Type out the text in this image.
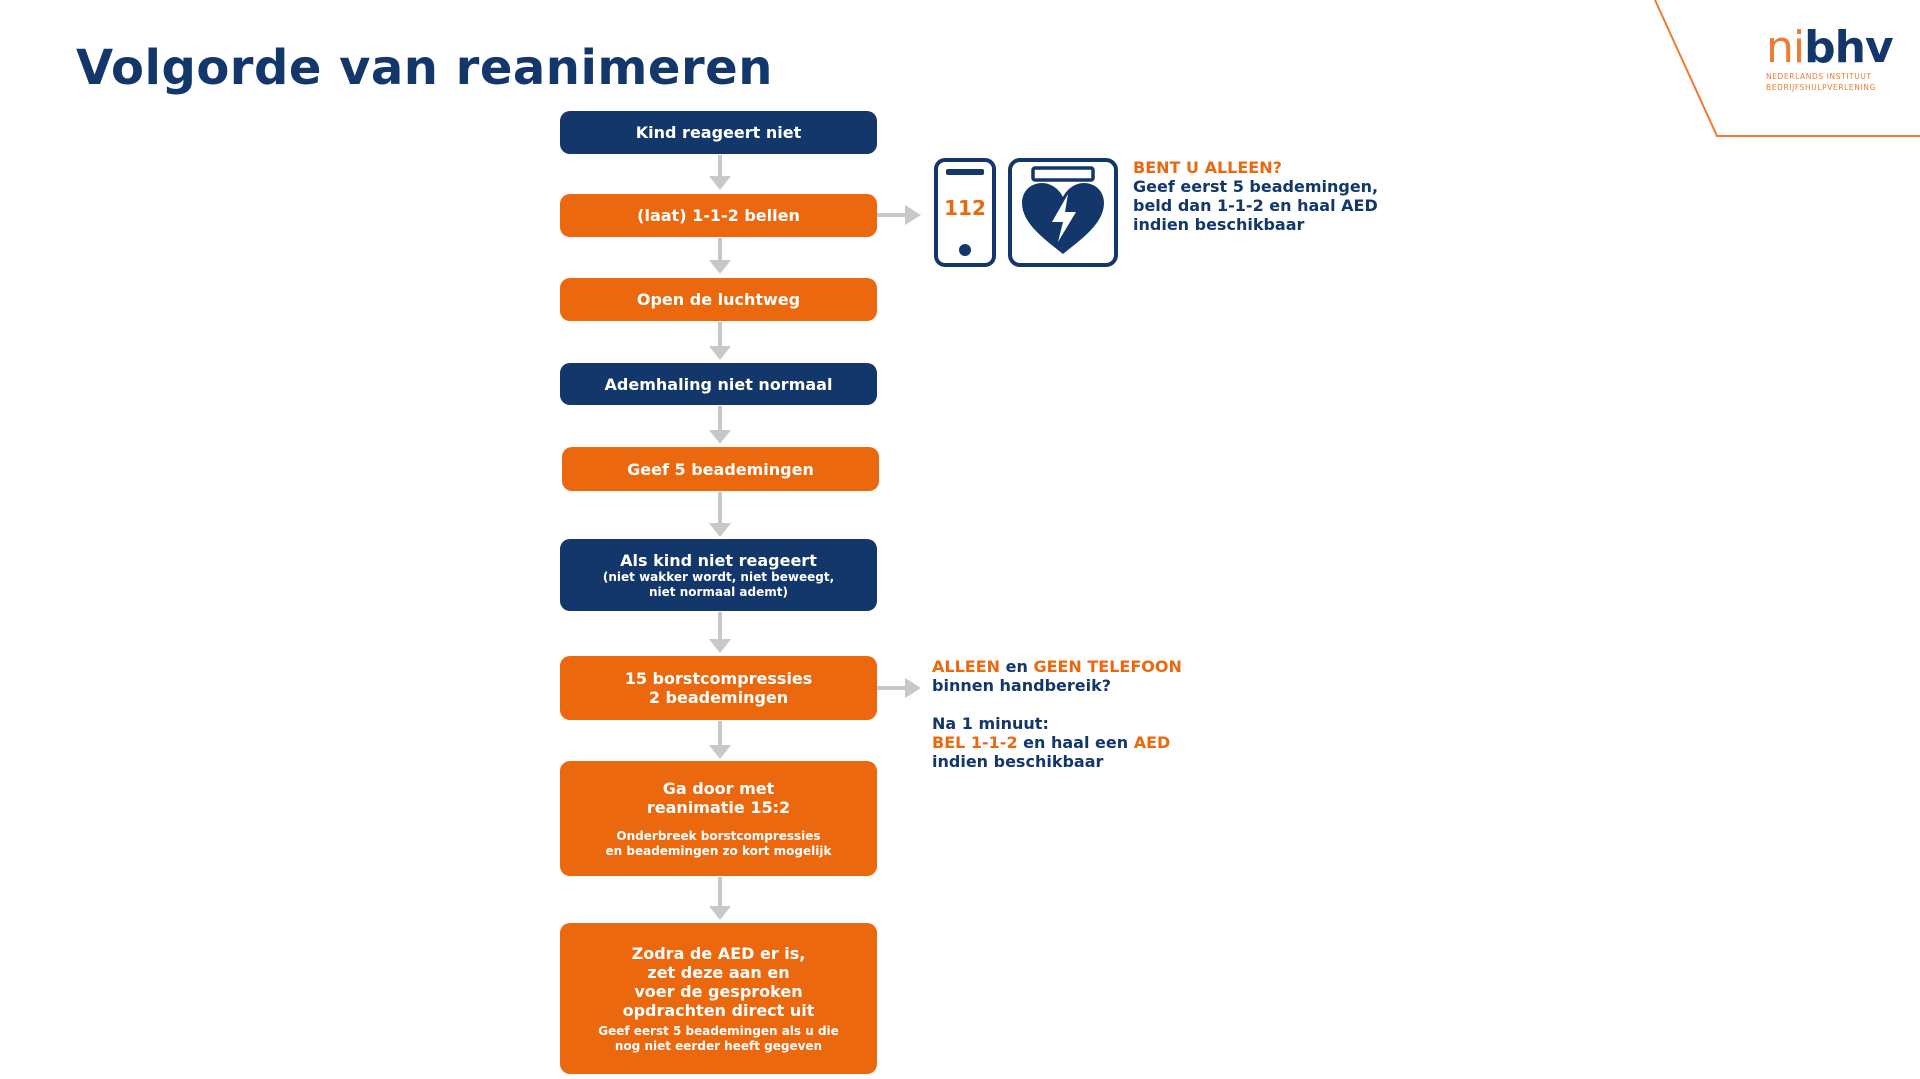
nibhv
NEDERLANDS INSTITUUT
BEDRIJFSHULPVERLENING
Volgorde van reanimeren
Kind reageert niet
(laat) 1-1-2 bellen
Open de luchtweg
Ademhaling niet normaal
Geef 5 beademingen
Als kind niet reageert
(niet wakker wordt, niet beweegt,
niet normaal ademt)
15 borstcompressies
2 beademingen
Ga door met
reanimatie 15:2
Onderbreek borstcompressies
en beademingen zo kort mogelijk
Zodra de AED er is,
zet deze aan en
voer de gesproken
opdrachten direct uit
Geef eerst 5 beademingen als u die
nog niet eerder heeft gegeven
112
BENT U ALLEEN?
Geef eerst 5 beademingen,
beld dan 1-1-2 en haal AED
indien beschikbaar
ALLEEN en GEEN TELEFOON
binnen handbereik?
Na 1 minuut:
BEL 1-1-2 en haal een AED
indien beschikbaar
